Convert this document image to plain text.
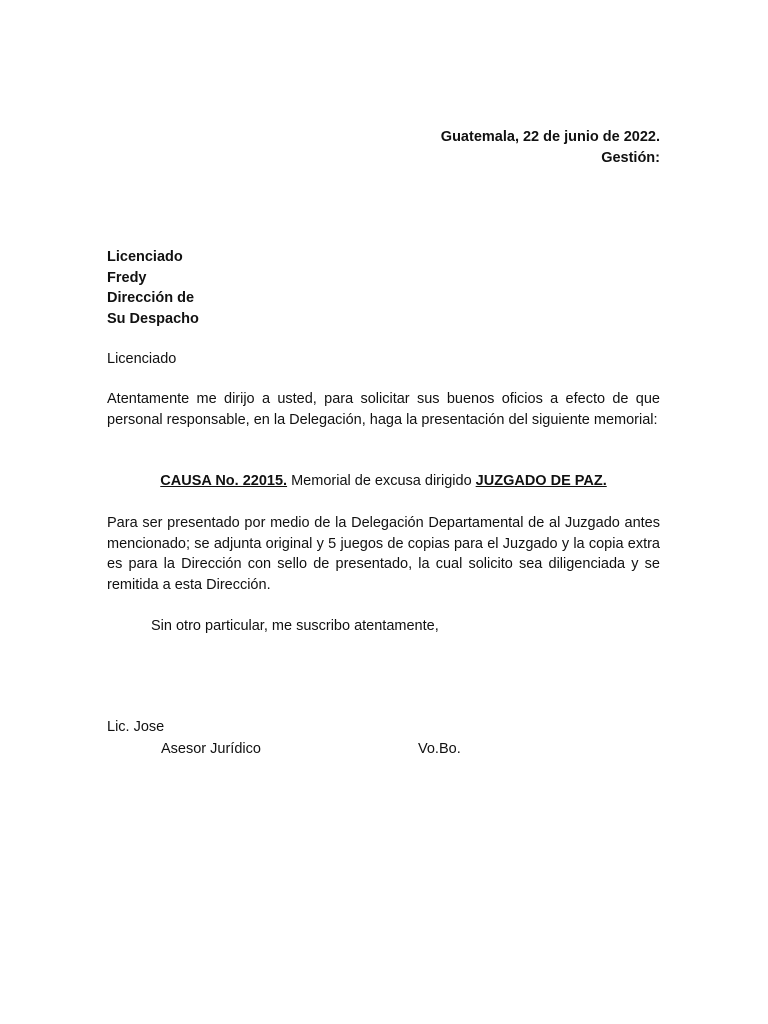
Guatemala, 22 de junio de 2022.
Gestión:
Licenciado
Fredy
Dirección de
Su Despacho
Licenciado
Atentamente me dirijo a usted, para solicitar sus buenos oficios a efecto de que personal responsable, en la Delegación, haga la presentación del siguiente memorial:
CAUSA No. 22015. Memorial de excusa dirigido JUZGADO DE PAZ.
Para ser presentado por medio de la Delegación Departamental de al Juzgado antes mencionado; se adjunta original y 5 juegos de copias para el Juzgado y la copia extra es para la Dirección con sello de presentado, la cual solicito sea diligenciada y se remitida a esta Dirección.
Sin otro particular, me suscribo atentamente,
Lic. Jose
Asesor Jurídico	Vo.Bo.
